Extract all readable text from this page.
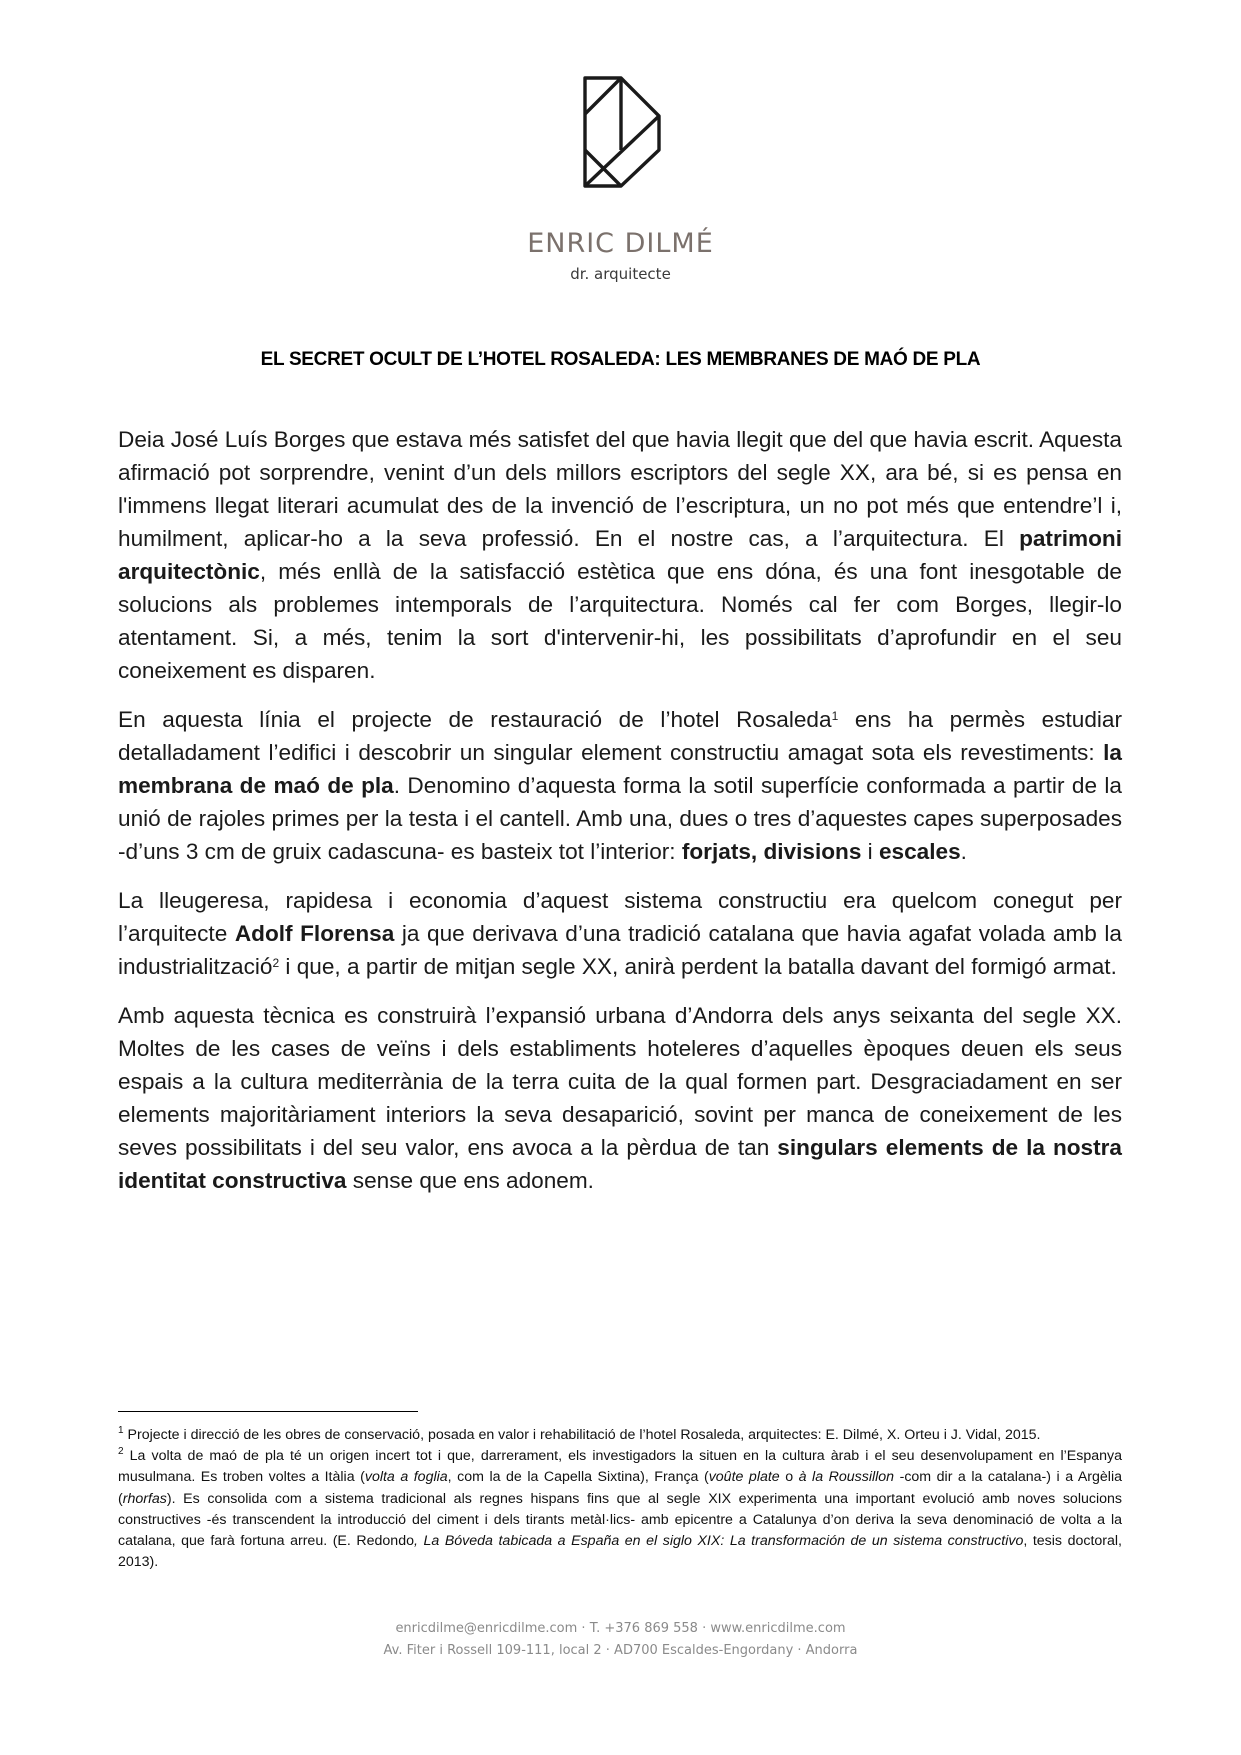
ENRIC DILMÉ
dr. arquitecte
EL SECRET OCULT DE L’HOTEL ROSALEDA: LES MEMBRANES DE MAÓ DE PLA

Deia José Luís Borges que estava més satisfet del que havia llegit que del que havia escrit. Aquesta afirmació pot sorprendre, venint d’un dels millors escriptors del segle XX, ara bé, si es pensa en l'immens llegat literari acumulat des de la invenció de l’escriptura, un no pot més que entendre’l i, humilment, aplicar-ho a la seva professió. En el nostre cas, a l’arquitectura. El patrimoni arquitectònic, més enllà de la satisfacció estètica que ens dóna, és una font inesgotable de solucions als problemes intemporals de l’arquitectura. Només cal fer com Borges, llegir-lo atentament. Si, a més, tenim la sort d'intervenir-hi, les possibilitats d’aprofundir en el seu coneixement es disparen.

En aquesta línia el projecte de restauració de l’hotel Rosaleda$^1$ ens ha permès estudiar detalladament l’edifici i descobrir un singular element constructiu amagat sota els revestiments: la membrana de maó de pla. Denomino d’aquesta forma la sotil superfície conformada a partir de la unió de rajoles primes per la testa i el cantell. Amb una, dues o tres d’aquestes capes superposades -d’uns 3 cm de gruix cadascuna- es basteix tot l’interior: forjats, divisions i escales.

La lleugeresa, rapidesa i economia d’aquest sistema constructiu era quelcom conegut per l’arquitecte Adolf Florensa ja que derivava d’una tradició catalana que havia agafat volada amb la industrialització$^2$ i que, a partir de mitjan segle XX, anirà perdent la batalla davant del formigó armat.

Amb aquesta tècnica es construirà l’expansió urbana d’Andorra dels anys seixanta del segle XX. Moltes de les cases de veïns i dels establiments hoteleres d’aquelles èpoques deuen els seus espais a la cultura mediterrània de la terra cuita de la qual formen part. Desgraciadament en ser elements majoritàriament interiors la seva desaparició, sovint per manca de coneixement de les seves possibilitats i del seu valor, ens avoca a la pèrdua de tan singulars elements de la nostra identitat constructiva sense que ens adonem.

$^1$ Projecte i direcció de les obres de conservació, posada en valor i rehabilitació de l’hotel Rosaleda, arquitectes: E. Dilmé, X. Orteu i J. Vidal, 2015.

$^2$ La volta de maó de pla té un origen incert tot i que, darrerament, els investigadors la situen en la cultura àrab i el seu desenvolupament en l’Espanya musulmana. Es troben voltes a Itàlia (volta a foglia, com la de la Capella Sixtina), França (voûte plate o à la Roussillon -com dir a la catalana-) i a Argèlia (rhorfas). Es consolida com a sistema tradicional als regnes hispans fins que al segle XIX experimenta una important evolució amb noves solucions constructives -és transcendent la introducció del ciment i dels tirants metàl·lics- amb epicentre a Catalunya d’on deriva la seva denominació de volta a la catalana, que farà fortuna arreu. (E. Redondo, La Bóveda tabicada a España en el siglo XIX: La transformación de un sistema constructivo, tesis doctoral, 2013).

enricdilme@enricdilme.com · T. +376 869 558 · www.enricdilme.com
Av. Fiter i Rossell 109-111, local 2 · AD700 Escaldes-Engordany · Andorra
